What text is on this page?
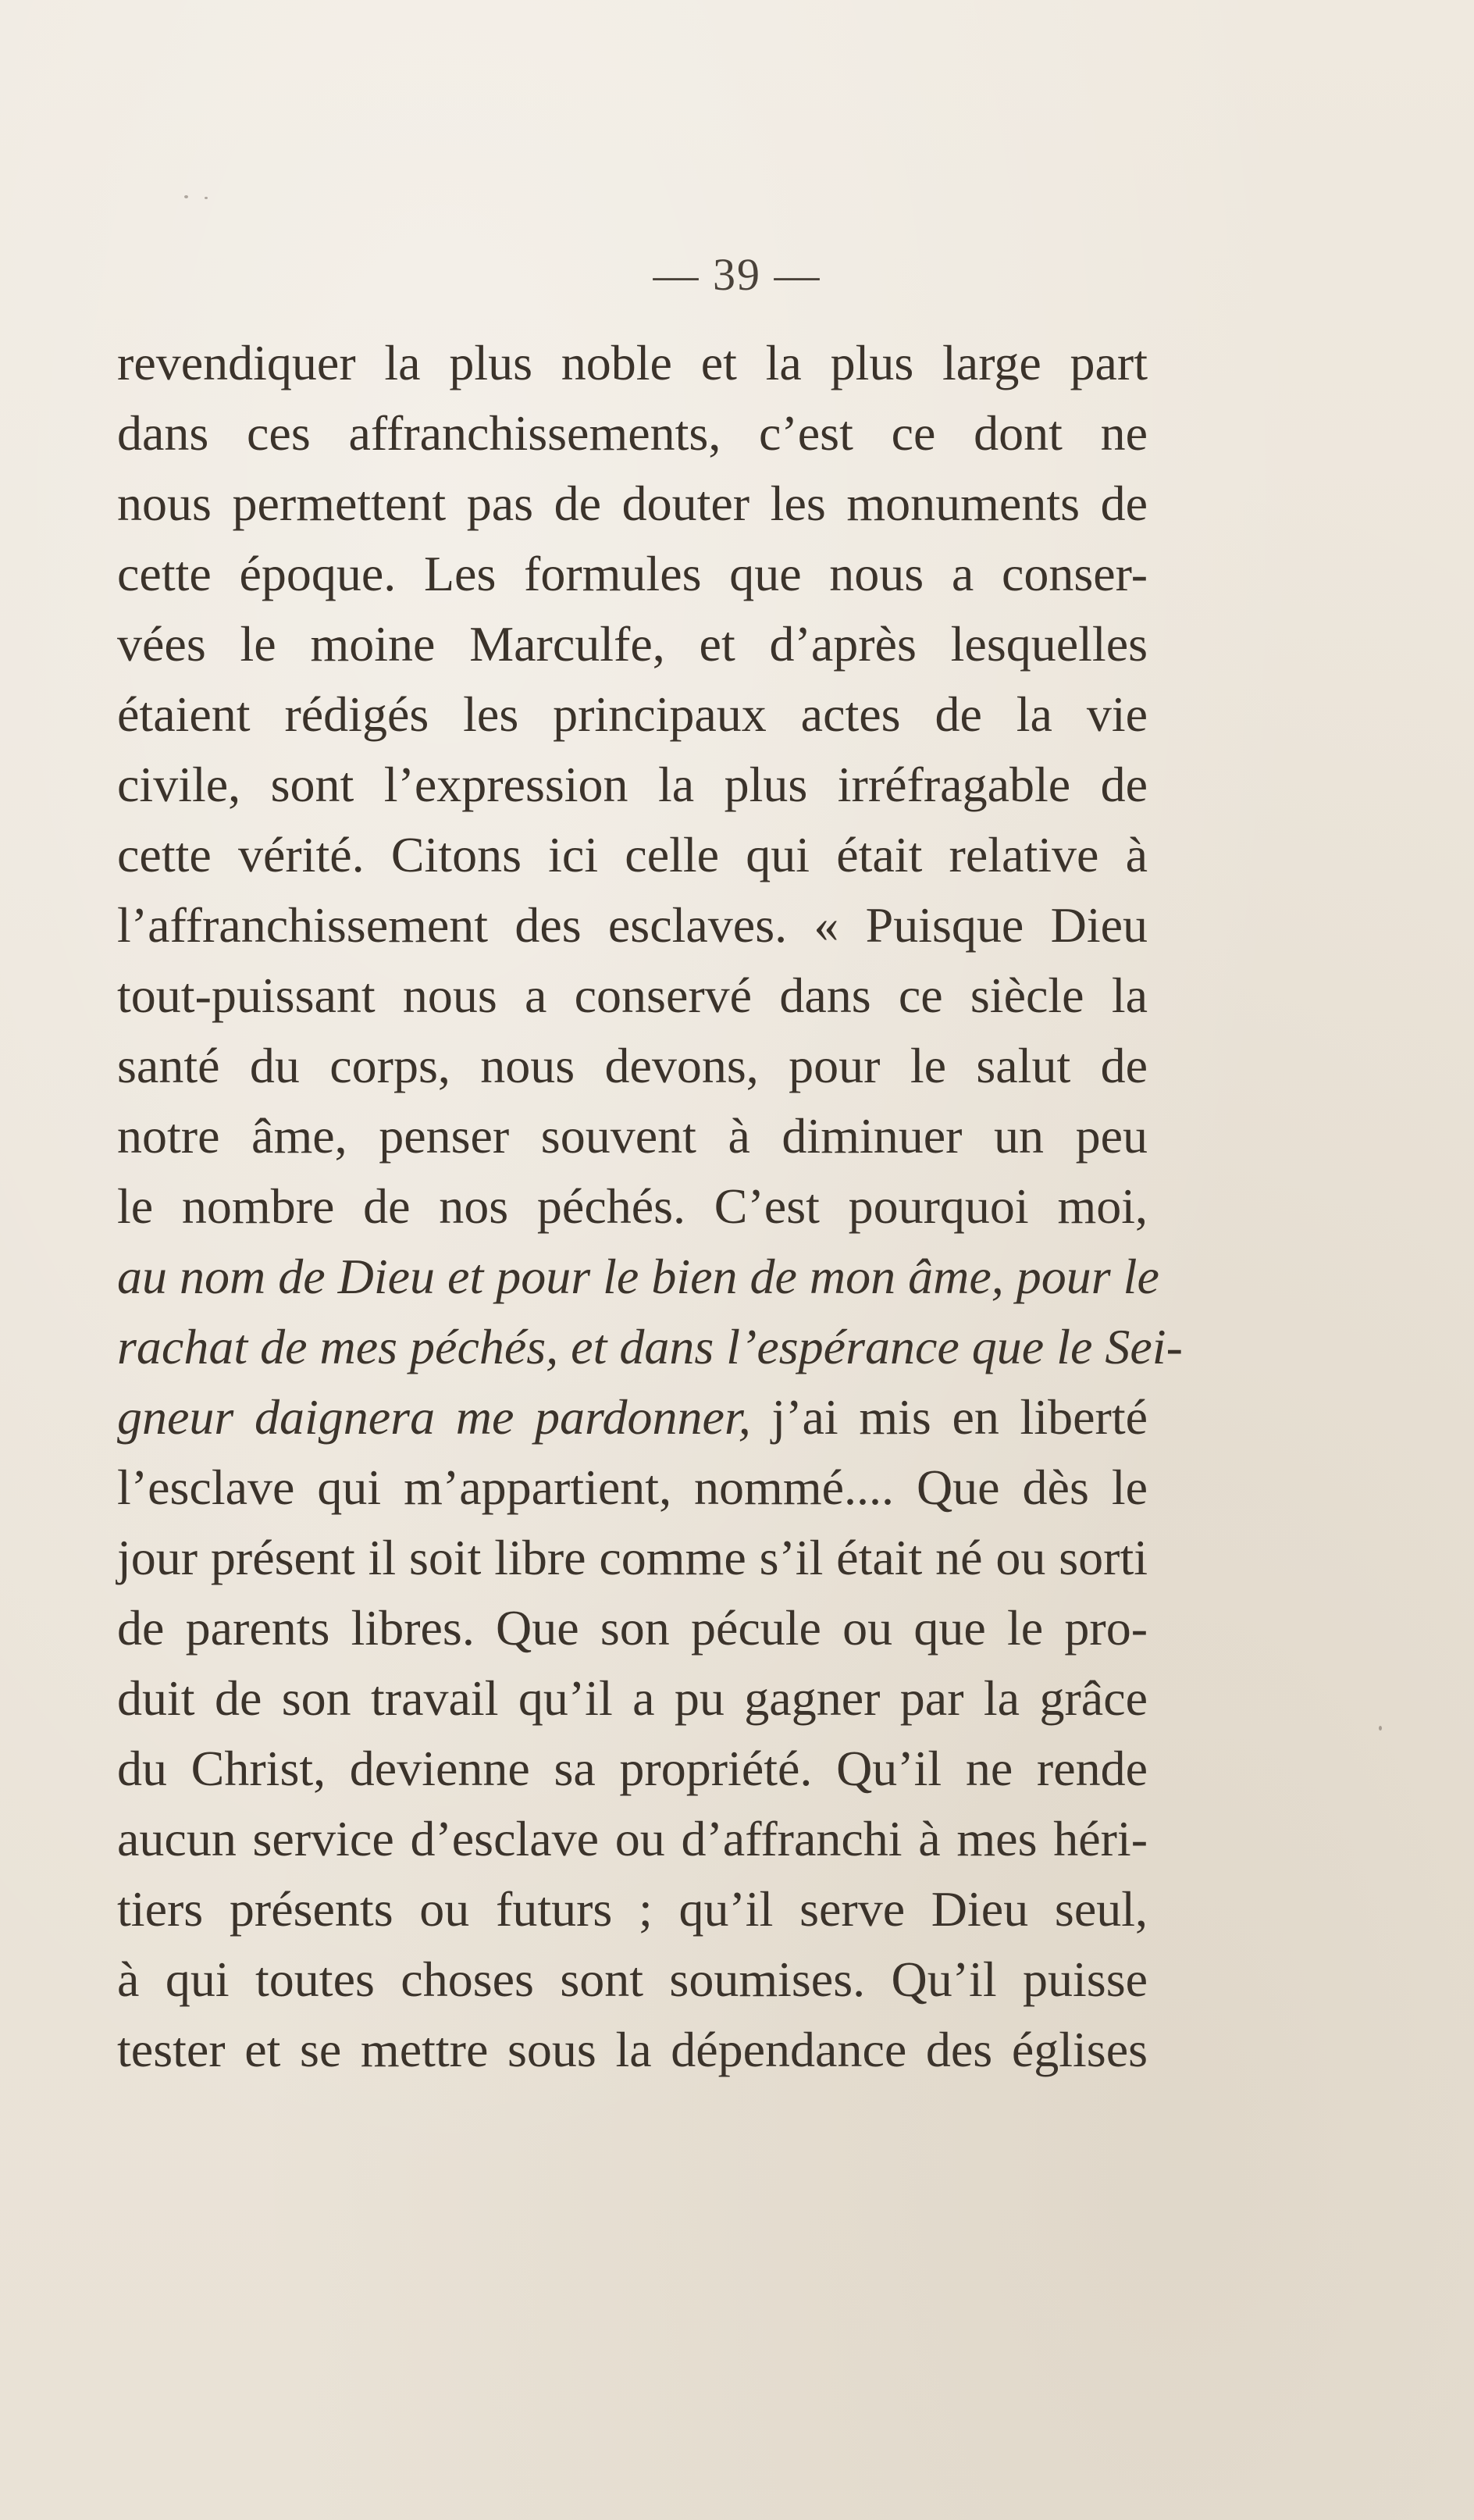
— 39 —
revendiquer la plus noble et la plus large part
dans ces affranchissements, c’est ce dont ne
nous permettent pas de douter les monuments de
cette époque. Les formules que nous a conser-
vées le moine Marculfe, et d’après lesquelles
étaient rédigés les principaux actes de la vie
civile, sont l’expression la plus irréfragable de
cette vérité. Citons ici celle qui était relative à
l’affranchissement des esclaves. « Puisque Dieu
tout-puissant nous a conservé dans ce siècle la
santé du corps, nous devons, pour le salut de
notre âme, penser souvent à diminuer un peu
le nombre de nos péchés. C’est pourquoi moi,
au nom de Dieu et pour le bien de mon âme, pour le
rachat de mes péchés, et dans l’espérance que le Sei-
gneur daignera me pardonner, j’ai mis en liberté
l’esclave qui m’appartient, nommé.... Que dès le
jour présent il soit libre comme s’il était né ou sorti
de parents libres. Que son pécule ou que le pro-
duit de son travail qu’il a pu gagner par la grâce
du Christ, devienne sa propriété. Qu’il ne rende
aucun service d’esclave ou d’affranchi à mes héri-
tiers présents ou futurs ; qu’il serve Dieu seul,
à qui toutes choses sont soumises. Qu’il puisse
tester et se mettre sous la dépendance des églises
